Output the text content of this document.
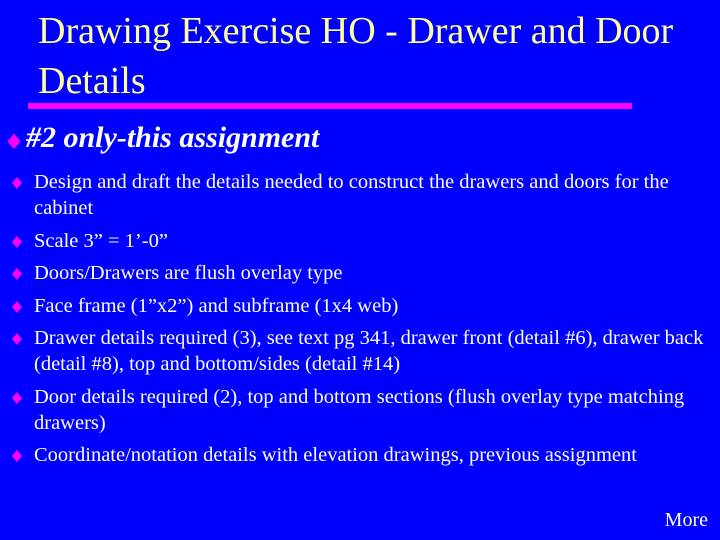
Drawing Exercise HO - Drawer and Door Details
#2 only-this assignment
Design and draft the details needed to construct the drawers and doors for the cabinet
Scale 3” = 1’-0”
Doors/Drawers are flush overlay type
Face frame (1”x2”) and subframe (1x4 web)
Drawer details required (3), see text pg 341, drawer front (detail #6), drawer back (detail #8), top and bottom/sides (detail #14)
Door details required (2), top and bottom sections (flush overlay type matching drawers)
Coordinate/notation details with elevation drawings, previous assignment
More
